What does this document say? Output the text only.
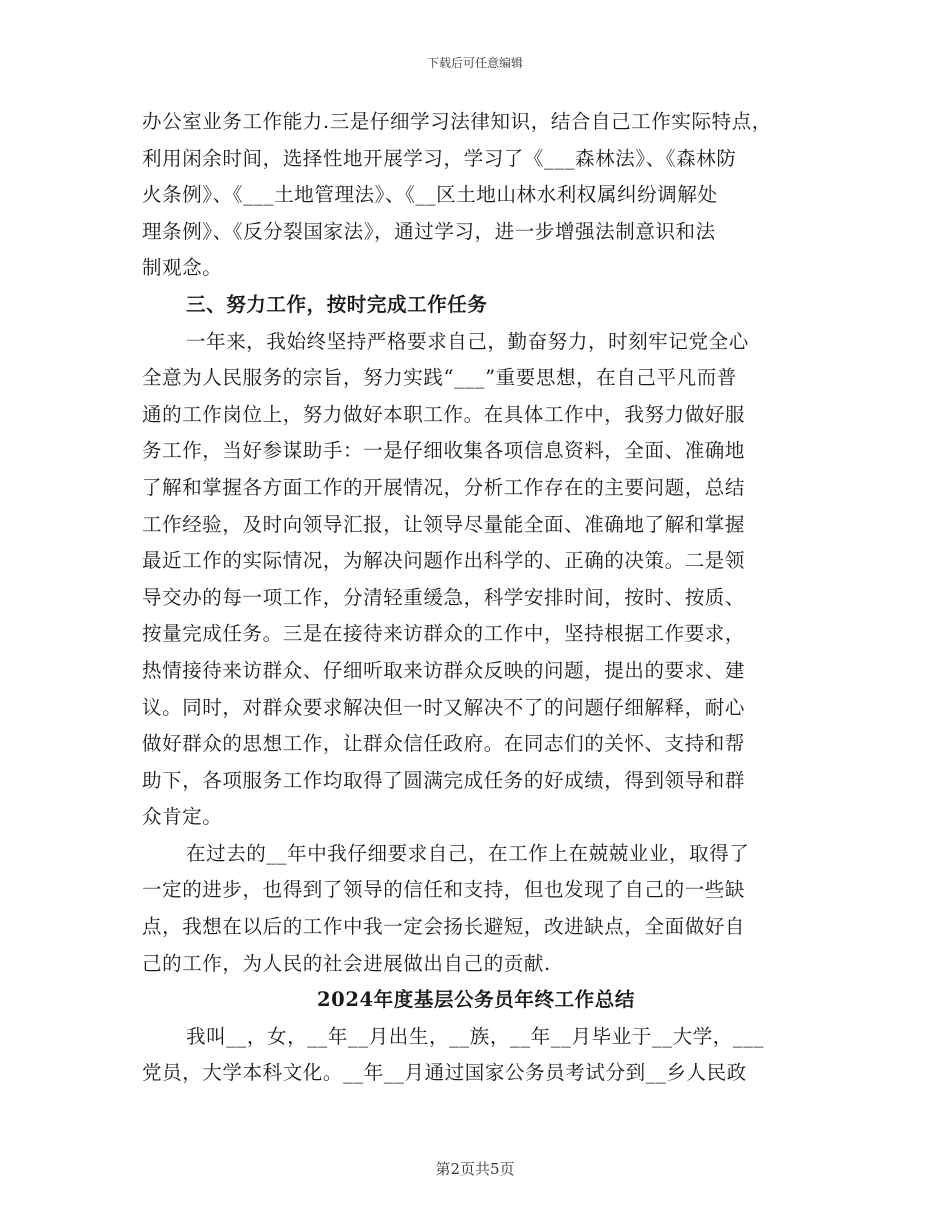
下载后可任意编辑
办公室业务工作能力.三是仔细学习法律知识，结合自己工作实际特点，
利用闲余时间，选择性地开展学习，学习了《___森林法》、《森林防
火条例》、《___土地管理法》、《__区土地山林水利权属纠纷调解处
理条例》、《反分裂国家法》，通过学习，进一步增强法制意识和法
制观念。
三、努力工作，按时完成工作任务
一年来，我始终坚持严格要求自己，勤奋努力，时刻牢记党全心
全意为人民服务的宗旨，努力实践“___”重要思想，在自己平凡而普
通的工作岗位上，努力做好本职工作。在具体工作中，我努力做好服
务工作，当好参谋助手：一是仔细收集各项信息资料，全面、准确地
了解和掌握各方面工作的开展情况，分析工作存在的主要问题，总结
工作经验，及时向领导汇报，让领导尽量能全面、准确地了解和掌握
最近工作的实际情况，为解决问题作出科学的、正确的决策。二是领
导交办的每一项工作，分清轻重缓急，科学安排时间，按时、按质、
按量完成任务。三是在接待来访群众的工作中，坚持根据工作要求，
热情接待来访群众、仔细听取来访群众反映的问题，提出的要求、建
议。同时，对群众要求解决但一时又解决不了的问题仔细解释，耐心
做好群众的思想工作，让群众信任政府。在同志们的关怀、支持和帮
助下，各项服务工作均取得了圆满完成任务的好成绩，得到领导和群
众肯定。
在过去的__年中我仔细要求自己，在工作上在兢兢业业，取得了
一定的进步，也得到了领导的信任和支持，但也发现了自己的一些缺
点，我想在以后的工作中我一定会扬长避短，改进缺点，全面做好自
己的工作，为人民的社会进展做出自己的贡献.
2024年度基层公务员年终工作总结
我叫__，女，__年__月出生，__族，__年__月毕业于__大学，___
党员，大学本科文化。__年__月通过国家公务员考试分到__乡人民政
第2页共5页
